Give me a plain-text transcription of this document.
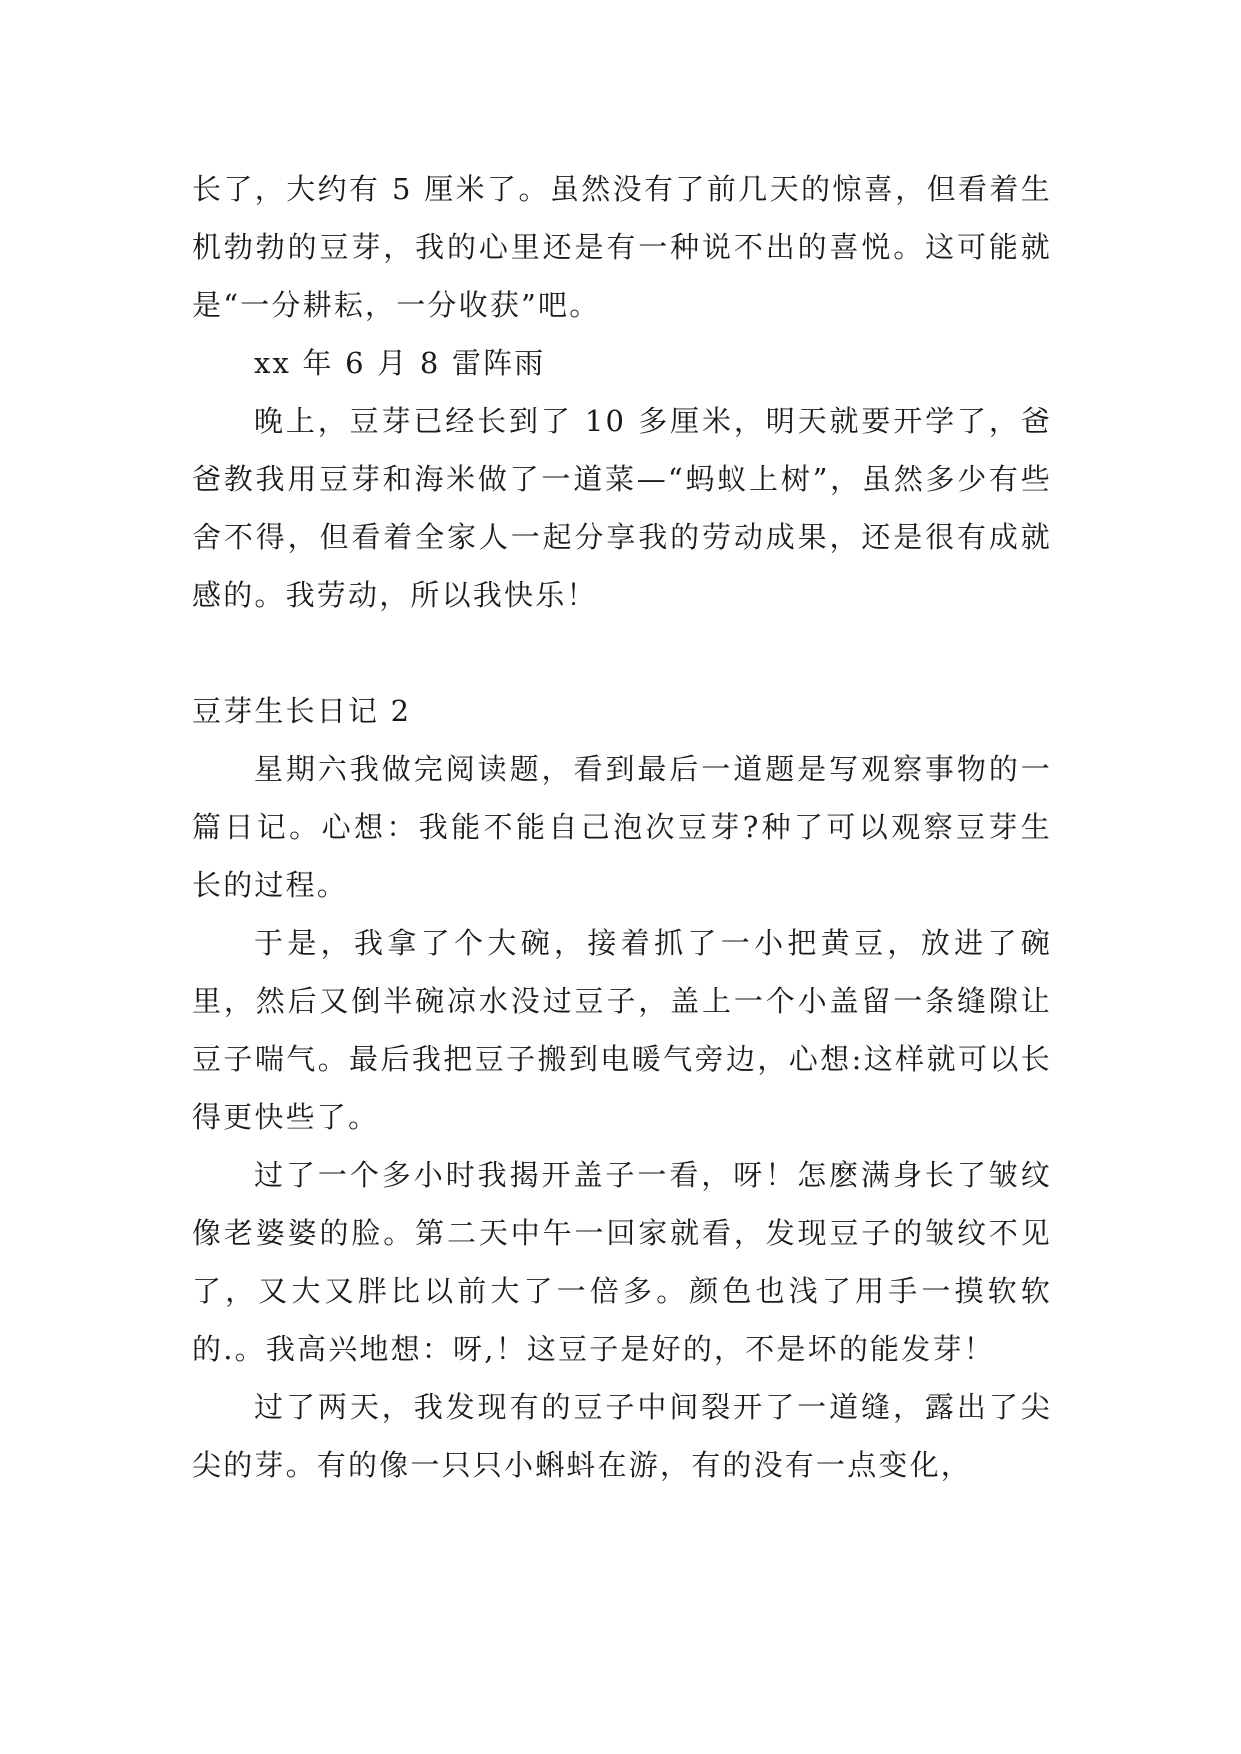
长了，大约有 5 厘米了。虽然没有了前几天的惊喜，但看着生机勃勃的豆芽，我的心里还是有一种说不出的喜悦。这可能就是“一分耕耘，一分收获”吧。

xx 年 6 月 8 雷阵雨

晚上，豆芽已经长到了 10 多厘米，明天就要开学了，爸爸教我用豆芽和海米做了一道菜—“蚂蚁上树”，虽然多少有些舍不得，但看着全家人一起分享我的劳动成果，还是很有成就感的。我劳动，所以我快乐！

豆芽生长日记 2

星期六我做完阅读题，看到最后一道题是写观察事物的一篇日记。心想：我能不能自己泡次豆芽?种了可以观察豆芽生长的过程。

于是，我拿了个大碗，接着抓了一小把黄豆，放进了碗里，然后又倒半碗凉水没过豆子，盖上一个小盖留一条缝隙让豆子喘气。最后我把豆子搬到电暖气旁边，心想:这样就可以长得更快些了。

过了一个多小时我揭开盖子一看，呀！怎麽满身长了皱纹像老婆婆的脸。第二天中午一回家就看，发现豆子的皱纹不见了，又大又胖比以前大了一倍多。颜色也浅了用手一摸软软的.。我高兴地想：呀,！这豆子是好的，不是坏的能发芽！

过了两天，我发现有的豆子中间裂开了一道缝，露出了尖尖的芽。有的像一只只小蝌蚪在游，有的没有一点变化，
